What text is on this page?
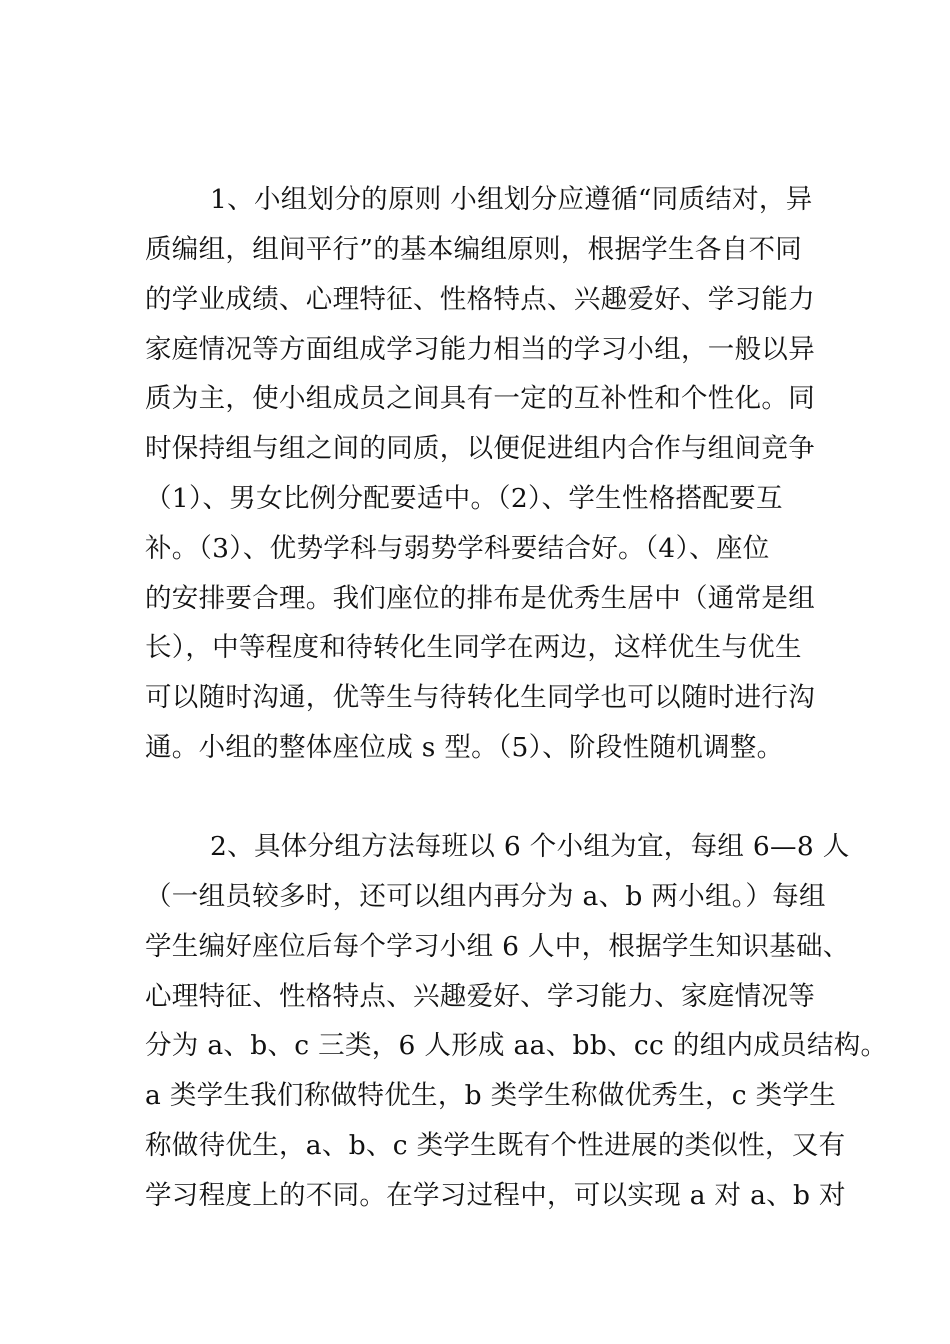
1、小组划分的原则 小组划分应遵循“同质结对，异
质编组，组间平行”的基本编组原则，根据学生各自不同
的学业成绩、心理特征、性格特点、兴趣爱好、学习能力
家庭情况等方面组成学习能力相当的学习小组，一般以异
质为主，使小组成员之间具有一定的互补性和个性化。同
时保持组与组之间的同质，以便促进组内合作与组间竞争
（1）、男女比例分配要适中。（2）、学生性格搭配要互
补。（3）、优势学科与弱势学科要结合好。（4）、座位
的安排要合理。我们座位的排布是优秀生居中（通常是组
长），中等程度和待转化生同学在两边，这样优生与优生
可以随时沟通，优等生与待转化生同学也可以随时进行沟
通。小组的整体座位成 s 型。（5）、阶段性随机调整。
2、具体分组方法每班以 6 个小组为宜，每组 6—8 人
（一组员较多时，还可以组内再分为 a、b 两小组。）每组
学生编好座位后每个学习小组 6 人中，根据学生知识基础、
心理特征、性格特点、兴趣爱好、学习能力、家庭情况等
分为 a、b、c 三类，6 人形成 aa、bb、cc 的组内成员结构。
a 类学生我们称做特优生，b 类学生称做优秀生，c 类学生
称做待优生，a、b、c 类学生既有个性进展的类似性，又有
学习程度上的不同。在学习过程中，可以实现 a 对 a、b 对
